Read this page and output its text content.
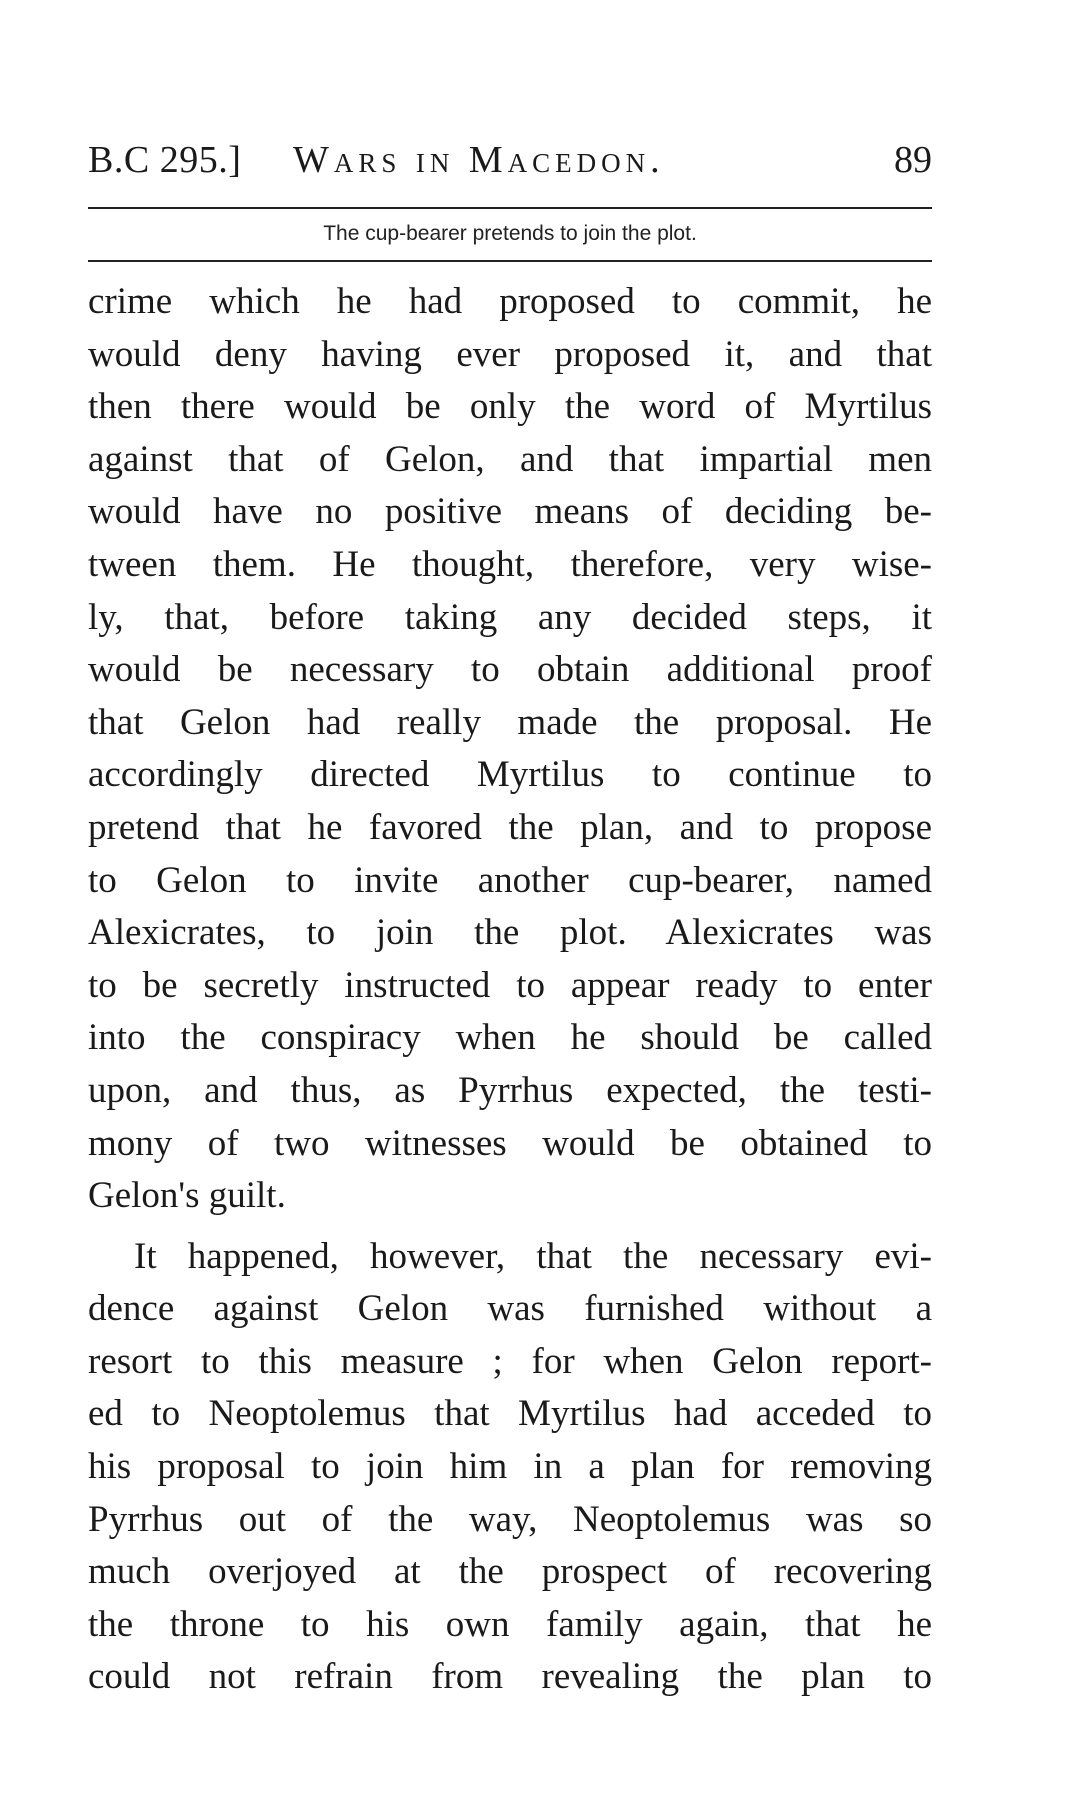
B.C 295.] Wars in Macedon.	89
The cup-bearer pretends to join the plot.
crime which he had proposed to commit, he
would deny having ever proposed it, and that
then there would be only the word of Myrtilus
against that of Gelon, and that impartial men
would have no positive means of deciding be-
tween them. He thought, therefore, very wise-
ly, that, before taking any decided steps, it
would be necessary to obtain additional proof
that Gelon had really made the proposal. He
accordingly directed Myrtilus to continue to
pretend that he favored the plan, and to propose
to Gelon to invite another cup-bearer, named
Alexicrates, to join the plot. Alexicrates was
to be secretly instructed to appear ready to enter
into the conspiracy when he should be called
upon, and thus, as Pyrrhus expected, the testi-
mony of two witnesses would be obtained to
Gelon's guilt.
It happened, however, that the necessary evi-
dence against Gelon was furnished without a
resort to this measure ; for when Gelon report-
ed to Neoptolemus that Myrtilus had acceded to
his proposal to join him in a plan for removing
Pyrrhus out of the way, Neoptolemus was so
much overjoyed at the prospect of recovering
the throne to his own family again, that he
could not refrain from revealing the plan to
